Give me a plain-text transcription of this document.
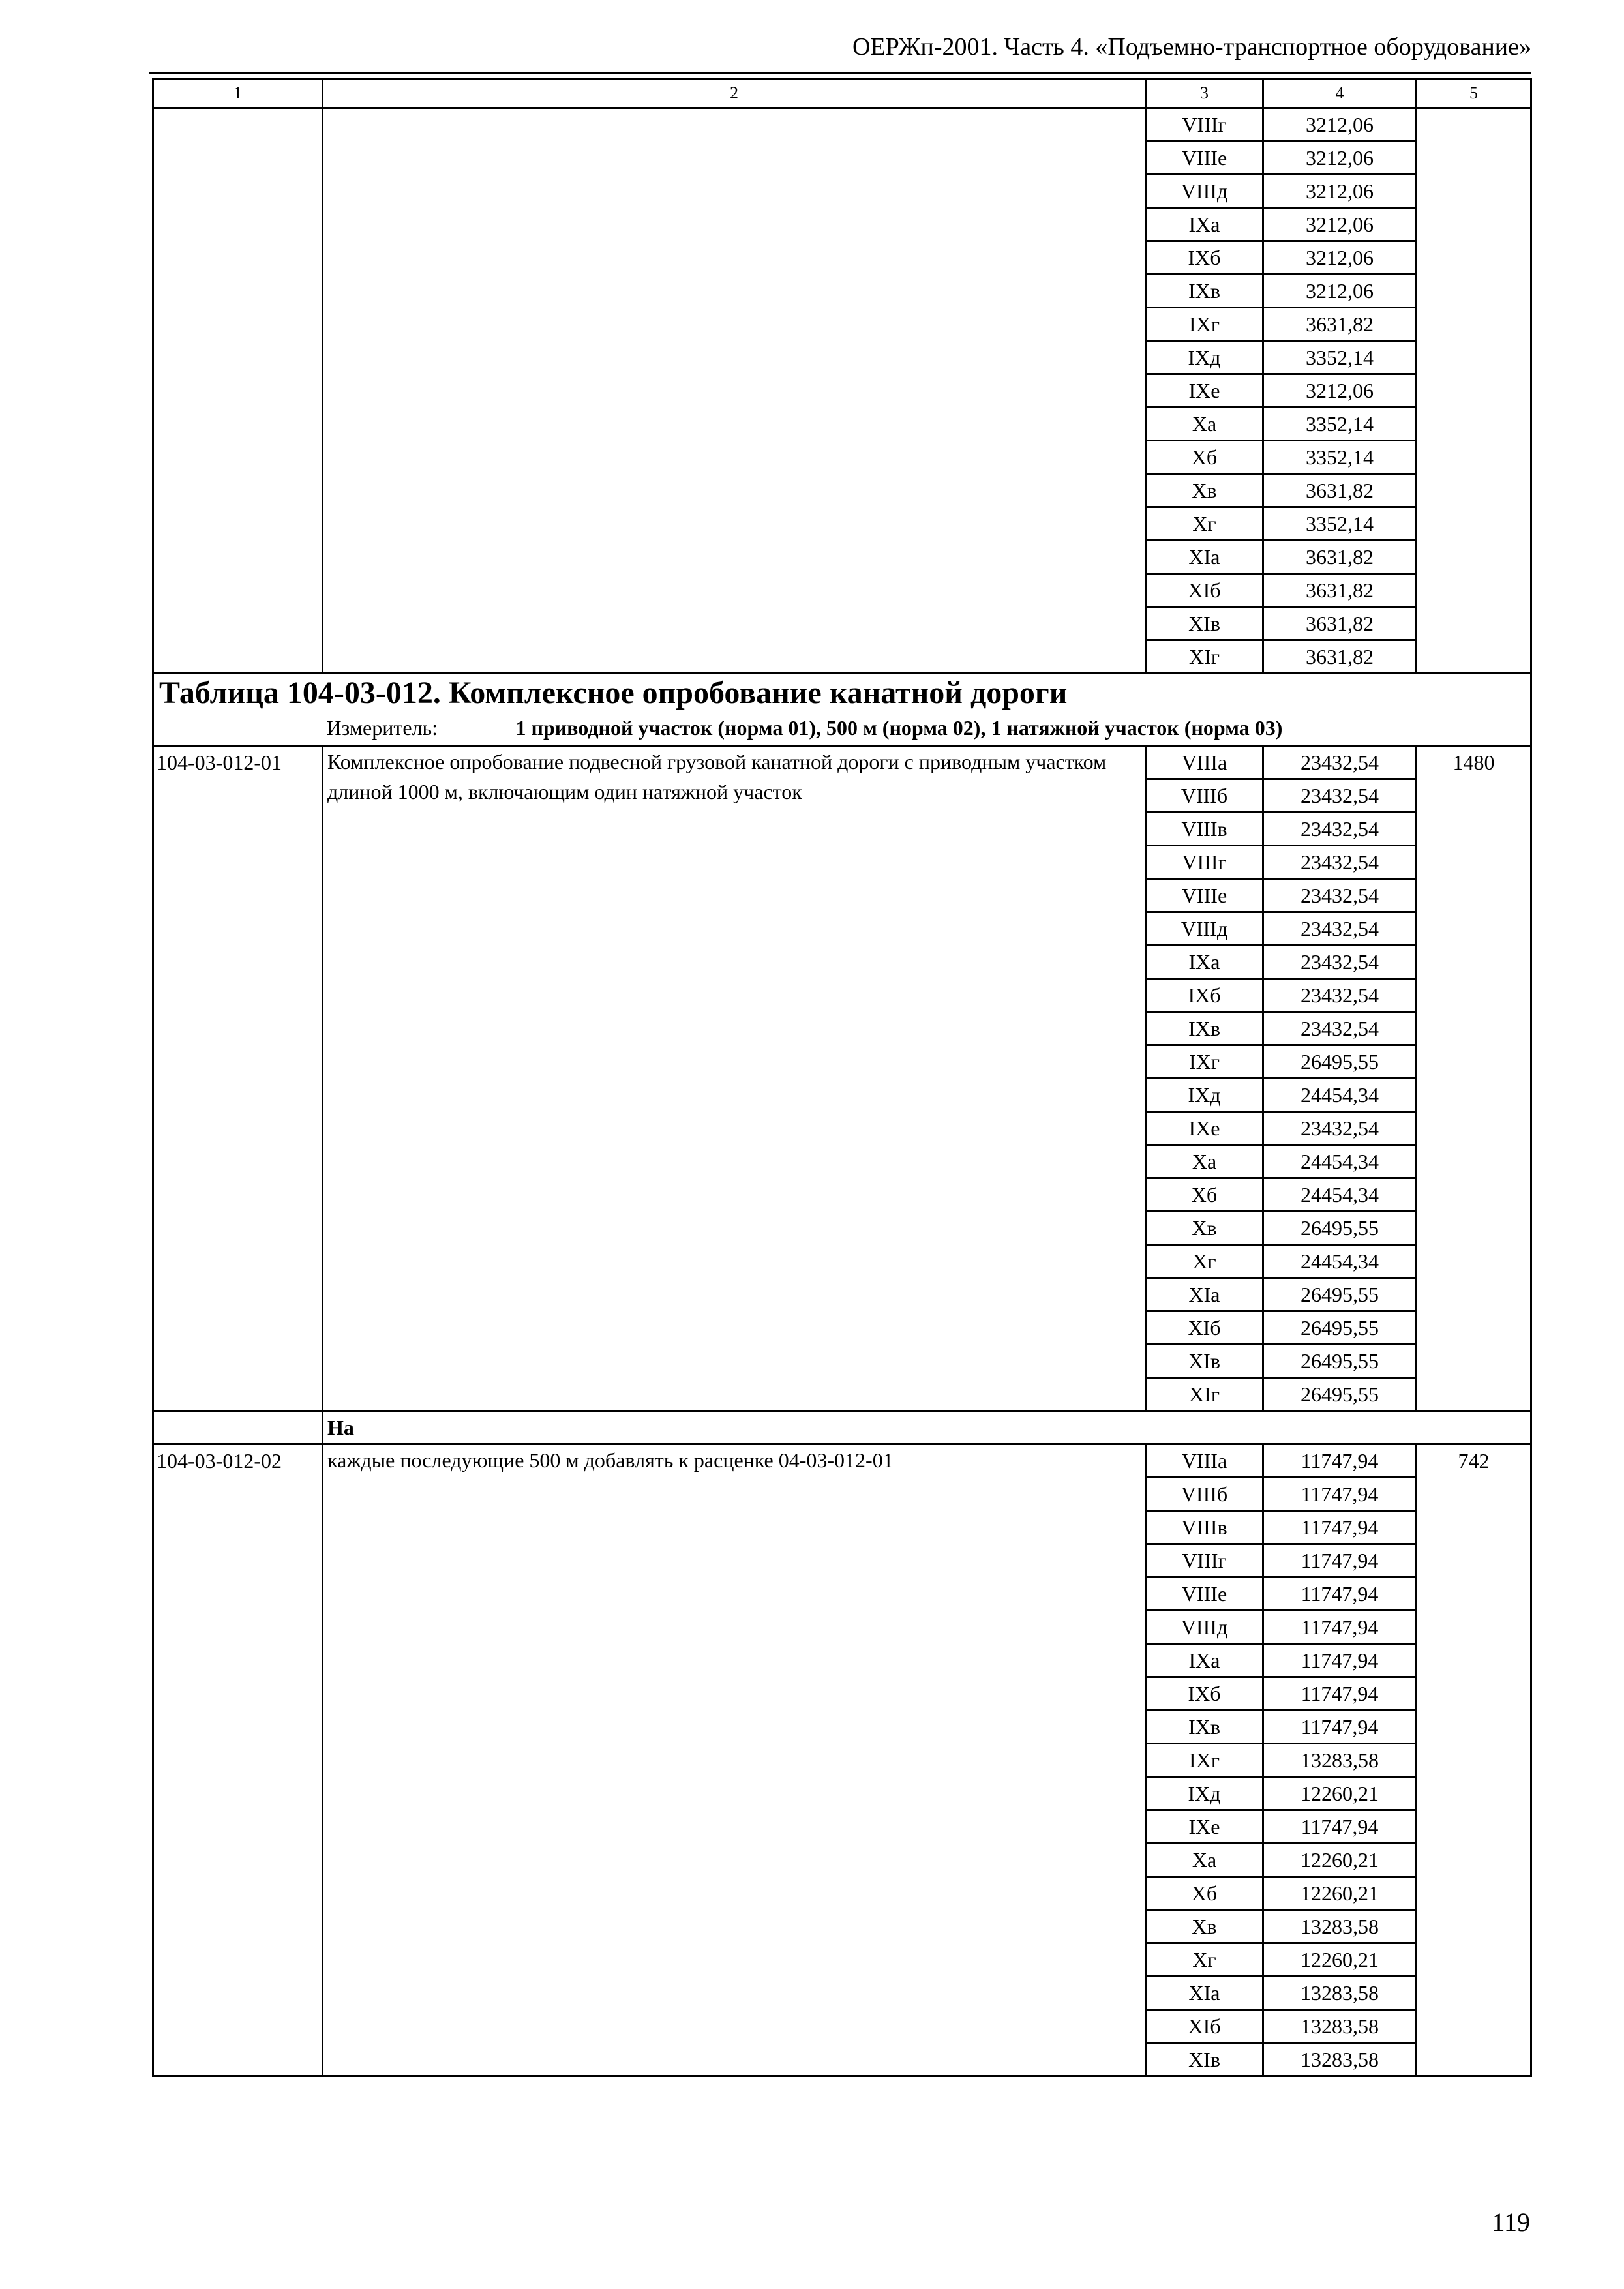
ОЕРЖп-2001. Часть 4. «Подъемно-транспортное оборудование»
1	2	3	4	5
		VIIIг	3212,06	
		VIIIе	3212,06	
		VIIIд	3212,06	
		IXа	3212,06	
		IXб	3212,06	
		IXв	3212,06	
		IXг	3631,82	
		IXд	3352,14	
		IXе	3212,06	
		Xа	3352,14	
		Xб	3352,14	
		Xв	3631,82	
		Xг	3352,14	
		XIа	3631,82	
		XIб	3631,82	
		XIв	3631,82	
		XIг	3631,82	
Таблица 104-03-012. Комплексное опробование канатной дороги				
	Измеритель: 1 приводной участок (норма 01), 500 м (норма 02), 1 натяжной участок (норма 03)			
104-03-012-01	Комплексное опробование подвесной грузовой канатной дороги с приводным участком длиной 1000 м, включающим один натяжной участок	VIIIа	23432,54	1480
		VIIIб	23432,54	
		VIIIв	23432,54	
		VIIIг	23432,54	
		VIIIе	23432,54	
		VIIIд	23432,54	
		IXа	23432,54	
		IXб	23432,54	
		IXв	23432,54	
		IXг	26495,55	
		IXд	24454,34	
		IXе	23432,54	
		Xа	24454,34	
		Xб	24454,34	
		Xв	26495,55	
		Xг	24454,34	
		XIа	26495,55	
		XIб	26495,55	
		XIв	26495,55	
		XIг	26495,55	
	На			
104-03-012-02	каждые последующие 500 м добавлять к расценке 04-03-012-01	VIIIа	11747,94	742
		VIIIб	11747,94	
		VIIIв	11747,94	
		VIIIг	11747,94	
		VIIIе	11747,94	
		VIIIд	11747,94	
		IXа	11747,94	
		IXб	11747,94	
		IXв	11747,94	
		IXг	13283,58	
		IXд	12260,21	
		IXе	11747,94	
		Xа	12260,21	
		Xб	12260,21	
		Xв	13283,58	
		Xг	12260,21	
		XIа	13283,58	
		XIб	13283,58	
		XIв	13283,58	
119
